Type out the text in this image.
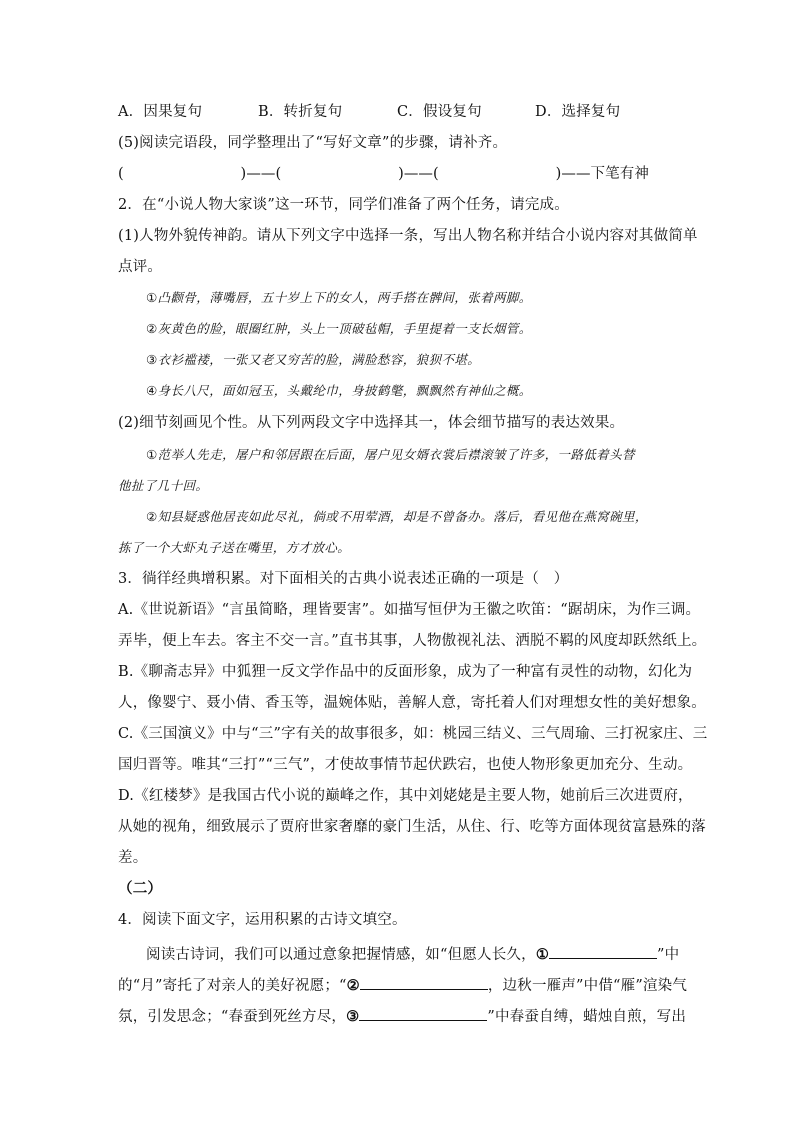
A．因果复句	B．转折复句	C．假设复句	D．选择复句
(5)阅读完语段，同学整理出了“写好文章”的步骤，请补齐。
(　　　　　　　　)——(　　　　　　　　)——(　　　　　　　　)——下笔有神
2．在“小说人物大家谈”这一环节，同学们准备了两个任务，请完成。
(1)人物外貌传神韵。请从下列文字中选择一条，写出人物名称并结合小说内容对其做简单
点评。
①凸颧骨，薄嘴唇，五十岁上下的女人，两手搭在髀间，张着两脚。
②灰黄色的脸，眼圈红肿，头上一顶破毡帽，手里提着一支长烟管。
③衣衫褴褛，一张又老又穷苦的脸，满脸愁容，狼狈不堪。
④身长八尺，面如冠玉，头戴纶巾，身披鹤氅，飘飘然有神仙之概。
(2)细节刻画见个性。从下列两段文字中选择其一，体会细节描写的表达效果。
①范举人先走，屠户和邻居跟在后面，屠户见女婿衣裳后襟滚皱了许多，一路低着头替
他扯了几十回。
②知县疑惑他居丧如此尽礼，倘或不用荤酒，却是不曾备办。落后，看见他在燕窝碗里，
拣了一个大虾丸子送在嘴里，方才放心。
3．徜徉经典增积累。对下面相关的古典小说表述正确的一项是（　）
A.《世说新语》“言虽简略，理皆要害”。如描写恒伊为王徽之吹笛：“踞胡床，为作三调。
弄毕，便上车去。客主不交一言。”直书其事，人物傲视礼法、洒脱不羁的风度却跃然纸上。
B.《聊斋志异》中狐狸一反文学作品中的反面形象，成为了一种富有灵性的动物，幻化为
人，像婴宁、聂小倩、香玉等，温婉体贴，善解人意，寄托着人们对理想女性的美好想象。
C.《三国演义》中与“三”字有关的故事很多，如：桃园三结义、三气周瑜、三打祝家庄、三
国归晋等。唯其“三打”“三气”，才使故事情节起伏跌宕，也使人物形象更加充分、生动。
D.《红楼梦》是我国古代小说的巅峰之作，其中刘姥姥是主要人物，她前后三次进贾府，
从她的视角，细致展示了贾府世家奢靡的豪门生活，从住、行、吃等方面体现贫富悬殊的落
差。
（二）
4．阅读下面文字，运用积累的古诗文填空。
阅读古诗词，我们可以通过意象把握情感，如“但愿人长久，①	”中
的“月”寄托了对亲人的美好祝愿；“②	，边秋一雁声”中借“雁”渲染气
氛，引发思念；“春蚕到死丝方尽，③	”中春蚕自缚，蜡烛自煎，写出
